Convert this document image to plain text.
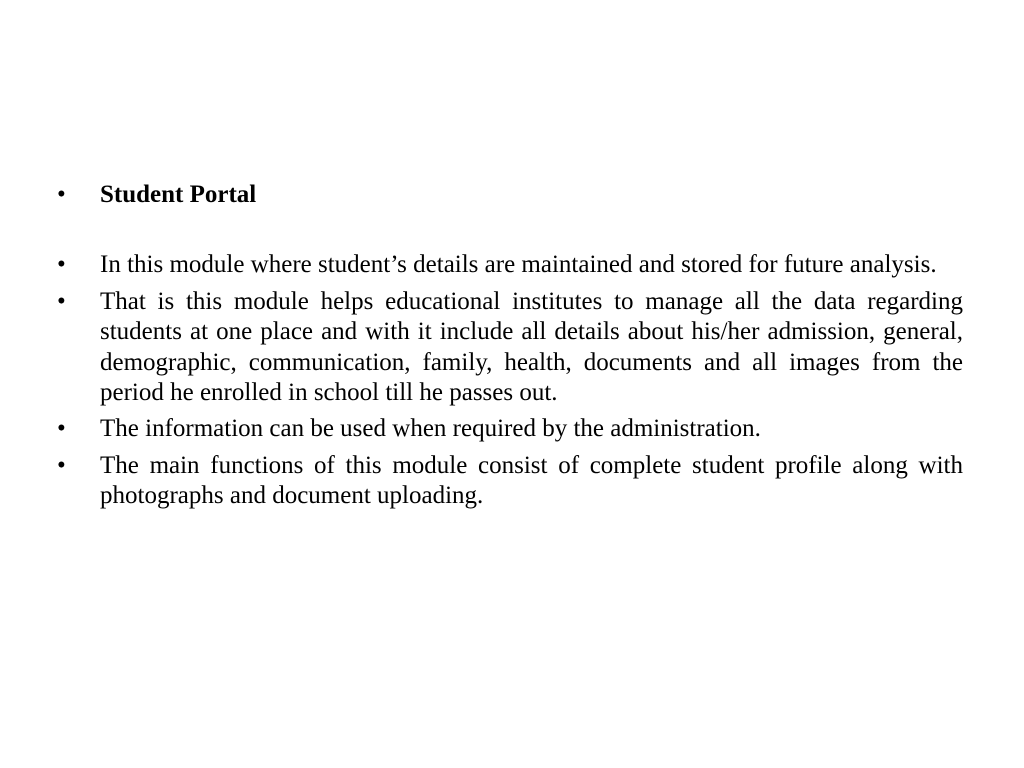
• Student Portal
• In this module where student’s details are maintained and stored for future analysis.
• That is this module helps educational institutes to manage all the data regarding students at one place and with it include all details about his/her admission, general, demographic, communication, family, health, documents and all images from the period he enrolled in school till he passes out.
• The information can be used when required by the administration.
• The main functions of this module consist of complete student profile along with photographs and document uploading.
